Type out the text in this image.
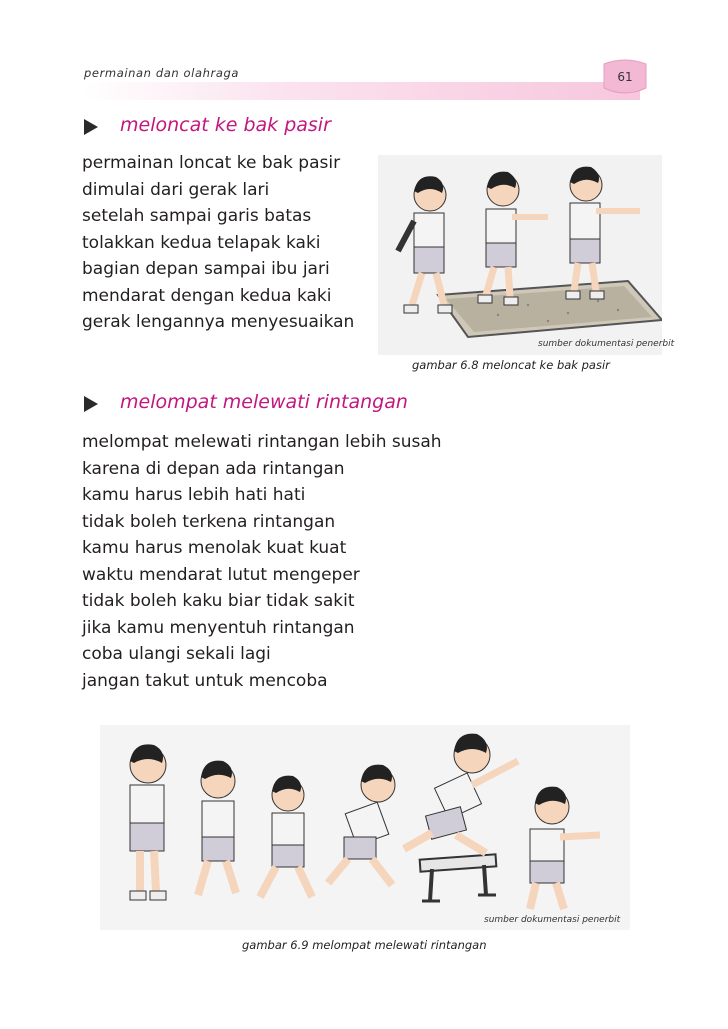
permainan dan olahraga	61
meloncat ke bak pasir
permainan loncat ke bak pasir
dimulai dari gerak lari
setelah sampai garis batas
tolakkan kedua telapak kaki
bagian depan sampai ibu jari
mendarat dengan kedua kaki
gerak lengannya menyesuaikan
sumber dokumentasi penerbit
gambar 6.8 meloncat ke bak pasir
melompat melewati rintangan
melompat melewati rintangan lebih susah
karena di depan ada rintangan
kamu harus lebih hati hati
tidak boleh terkena rintangan
kamu harus menolak kuat kuat
waktu mendarat lutut mengeper
tidak boleh kaku biar tidak sakit
jika kamu menyentuh rintangan
coba ulangi sekali lagi
jangan takut untuk mencoba
sumber dokumentasi penerbit
gambar 6.9 melompat melewati rintangan
